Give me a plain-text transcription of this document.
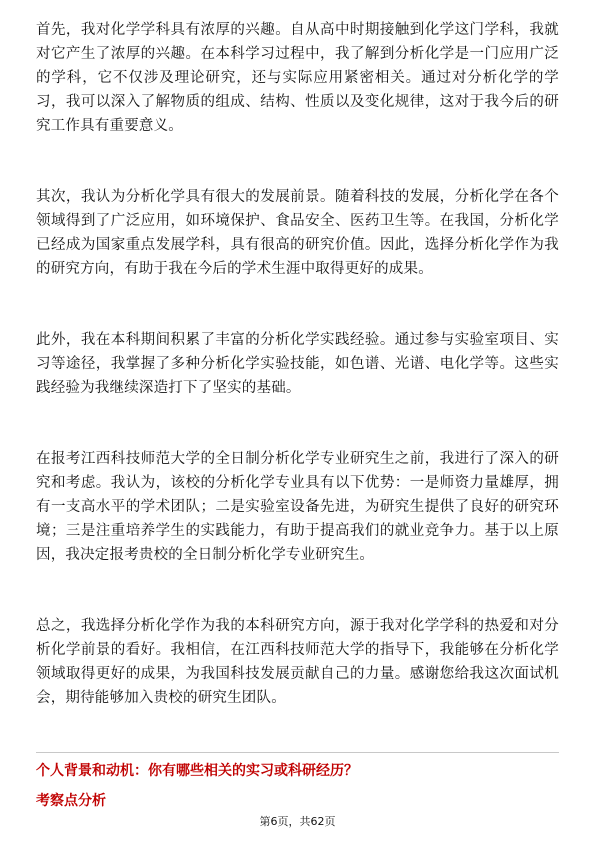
首先，我对化学学科具有浓厚的兴趣。自从高中时期接触到化学这门学科，我就对它产生了浓厚的兴趣。在本科学习过程中，我了解到分析化学是一门应用广泛的学科，它不仅涉及理论研究，还与实际应用紧密相关。通过对分析化学的学习，我可以深入了解物质的组成、结构、性质以及变化规律，这对于我今后的研究工作具有重要意义。

其次，我认为分析化学具有很大的发展前景。随着科技的发展，分析化学在各个领域得到了广泛应用，如环境保护、食品安全、医药卫生等。在我国，分析化学已经成为国家重点发展学科，具有很高的研究价值。因此，选择分析化学作为我的研究方向，有助于我在今后的学术生涯中取得更好的成果。

此外，我在本科期间积累了丰富的分析化学实践经验。通过参与实验室项目、实习等途径，我掌握了多种分析化学实验技能，如色谱、光谱、电化学等。这些实践经验为我继续深造打下了坚实的基础。

在报考江西科技师范大学的全日制分析化学专业研究生之前，我进行了深入的研究和考虑。我认为，该校的分析化学专业具有以下优势：一是师资力量雄厚，拥有一支高水平的学术团队；二是实验室设备先进，为研究生提供了良好的研究环境；三是注重培养学生的实践能力，有助于提高我们的就业竞争力。基于以上原因，我决定报考贵校的全日制分析化学专业研究生。

总之，我选择分析化学作为我的本科研究方向，源于我对化学学科的热爱和对分析化学前景的看好。我相信，在江西科技师范大学的指导下，我能够在分析化学领域取得更好的成果，为我国科技发展贡献自己的力量。感谢您给我这次面试机会，期待能够加入贵校的研究生团队。

个人背景和动机：你有哪些相关的实习或科研经历？
考察点分析
第6页，共62页
